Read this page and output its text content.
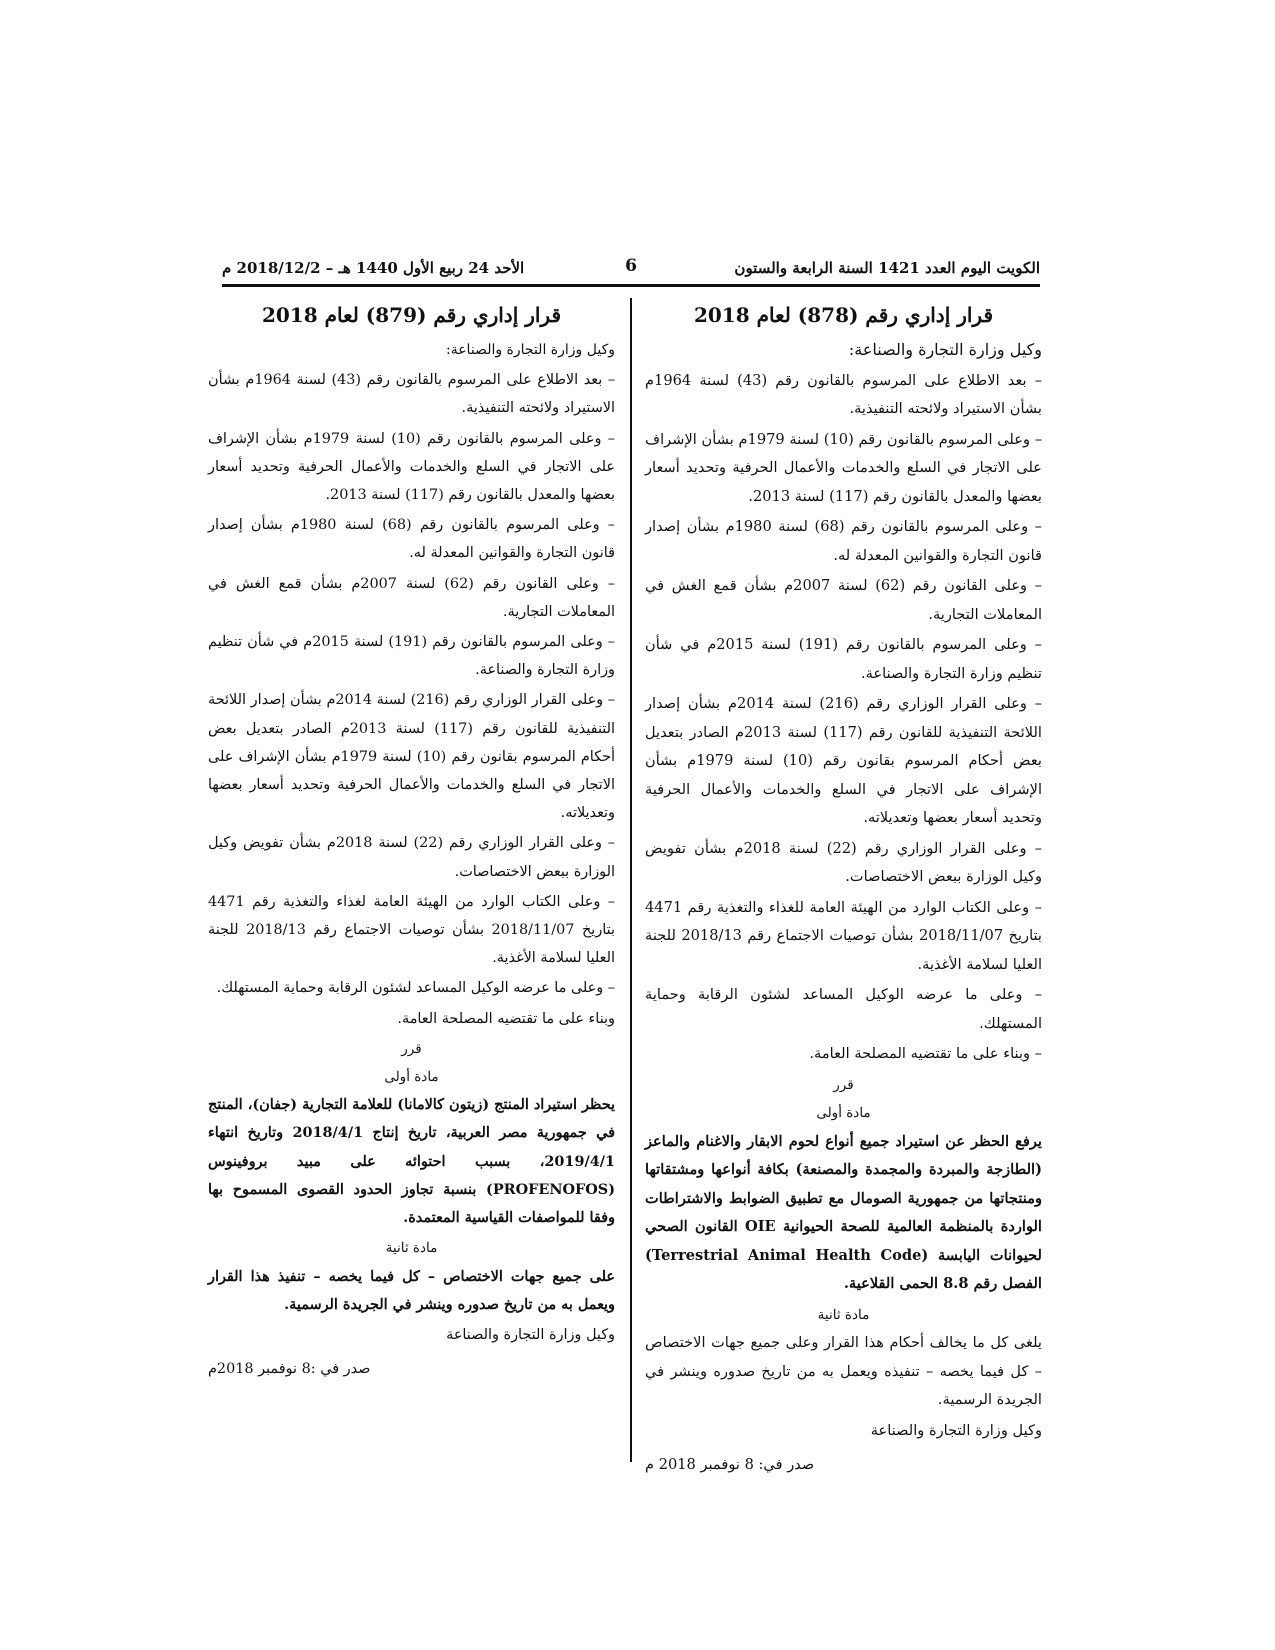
الكويت اليوم العدد 1421 السنة الرابعة والستون
6
الأحد 24 ربيع الأول 1440 هـ – 2018/12/2 م
قرار إداري رقم (878) لعام 2018

وكيل وزارة التجارة والصناعة:

– بعد الاطلاع على المرسوم بالقانون رقم (43) لسنة 1964م بشأن الاستيراد ولائحته التنفيذية.

– وعلى المرسوم بالقانون رقم (10) لسنة 1979م بشأن الإشراف على الاتجار في السلع والخدمات والأعمال الحرفية وتحديد أسعار بعضها والمعدل بالقانون رقم (117) لسنة 2013.

– وعلى المرسوم بالقانون رقم (68) لسنة 1980م بشأن إصدار قانون التجارة والقوانين المعدلة له.

– وعلى القانون رقم (62) لسنة 2007م بشأن قمع الغش في المعاملات التجارية.

– وعلى المرسوم بالقانون رقم (191) لسنة 2015م في شأن تنظيم وزارة التجارة والصناعة.

– وعلى القرار الوزاري رقم (216) لسنة 2014م بشأن إصدار اللائحة التنفيذية للقانون رقم (117) لسنة 2013م الصادر بتعديل بعض أحكام المرسوم بقانون رقم (10) لسنة 1979م بشأن الإشراف على الاتجار في السلع والخدمات والأعمال الحرفية وتحديد أسعار بعضها وتعديلاته.

– وعلى القرار الوزاري رقم (22) لسنة 2018م بشأن تفويض وكيل الوزارة ببعض الاختصاصات.

– وعلى الكتاب الوارد من الهيئة العامة للغذاء والتغذية رقم 4471 بتاريخ 2018/11/07 بشأن توصيات الاجتماع رقم 2018/13 للجنة العليا لسلامة الأغذية.

– وعلى ما عرضه الوكيل المساعد لشئون الرقابة وحماية المستهلك.

– وبناء على ما تقتضيه المصلحة العامة.

قرر

مادة أولى

يرفع الحظر عن استيراد جميع أنواع لحوم الابقار والاغنام والماعز (الطازجة والمبردة والمجمدة والمصنعة) بكافة أنواعها ومشتقاتها ومنتجاتها من جمهورية الصومال مع تطبيق الضوابط والاشتراطات الواردة بالمنظمة العالمية للصحة الحيوانية OIE القانون الصحي لحيوانات اليابسة (Terrestrial Animal Health Code) الفصل رقم 8.8 الحمى القلاعية.

مادة ثانية

يلغى كل ما يخالف أحكام هذا القرار وعلى جميع جهات الاختصاص – كل فيما يخصه – تنفيذه ويعمل به من تاريخ صدوره وينشر في الجريدة الرسمية.

وكيل وزارة التجارة والصناعة

صدر في: 8 نوفمبر 2018 م

قرار إداري رقم (879) لعام 2018

وكيل وزارة التجارة والصناعة:

– بعد الاطلاع على المرسوم بالقانون رقم (43) لسنة 1964م بشأن الاستيراد ولائحته التنفيذية.

– وعلى المرسوم بالقانون رقم (10) لسنة 1979م بشأن الإشراف على الاتجار في السلع والخدمات والأعمال الحرفية وتحديد أسعار بعضها والمعدل بالقانون رقم (117) لسنة 2013.

– وعلى المرسوم بالقانون رقم (68) لسنة 1980م بشأن إصدار قانون التجارة والقوانين المعدلة له.

– وعلى القانون رقم (62) لسنة 2007م بشأن قمع الغش في المعاملات التجارية.

– وعلى المرسوم بالقانون رقم (191) لسنة 2015م في شأن تنظيم وزارة التجارة والصناعة.

– وعلى القرار الوزاري رقم (216) لسنة 2014م بشأن إصدار اللائحة التنفيذية للقانون رقم (117) لسنة 2013م الصادر بتعديل بعض أحكام المرسوم بقانون رقم (10) لسنة 1979م بشأن الإشراف على الاتجار في السلع والخدمات والأعمال الحرفية وتحديد أسعار بعضها وتعديلاته.

– وعلى القرار الوزاري رقم (22) لسنة 2018م بشأن تفويض وكيل الوزارة ببعض الاختصاصات.

– وعلى الكتاب الوارد من الهيئة العامة لغذاء والتغذية رقم 4471 بتاريخ 2018/11/07 بشأن توصيات الاجتماع رقم 2018/13 للجنة العليا لسلامة الأغذية.

– وعلى ما عرضه الوكيل المساعد لشئون الرقابة وحماية المستهلك.

وبناء على ما تقتضيه المصلحة العامة.

قرر

مادة أولى

يحظر استيراد المنتج (زيتون كالامانا) للعلامة التجارية (جفان)، المنتج في جمهورية مصر العربية، تاريخ إنتاج 2018/4/1 وتاريخ انتهاء 2019/4/1، بسبب احتوائه على مبيد بروفينوس (PROFENOFOS) بنسبة تجاوز الحدود القصوى المسموح بها وفقا للمواصفات القياسية المعتمدة.

مادة ثانية

على جميع جهات الاختصاص – كل فيما يخصه – تنفيذ هذا القرار ويعمل به من تاريخ صدوره وينشر في الجريدة الرسمية.

وكيل وزارة التجارة والصناعة

صدر في :8 نوفمبر 2018م
